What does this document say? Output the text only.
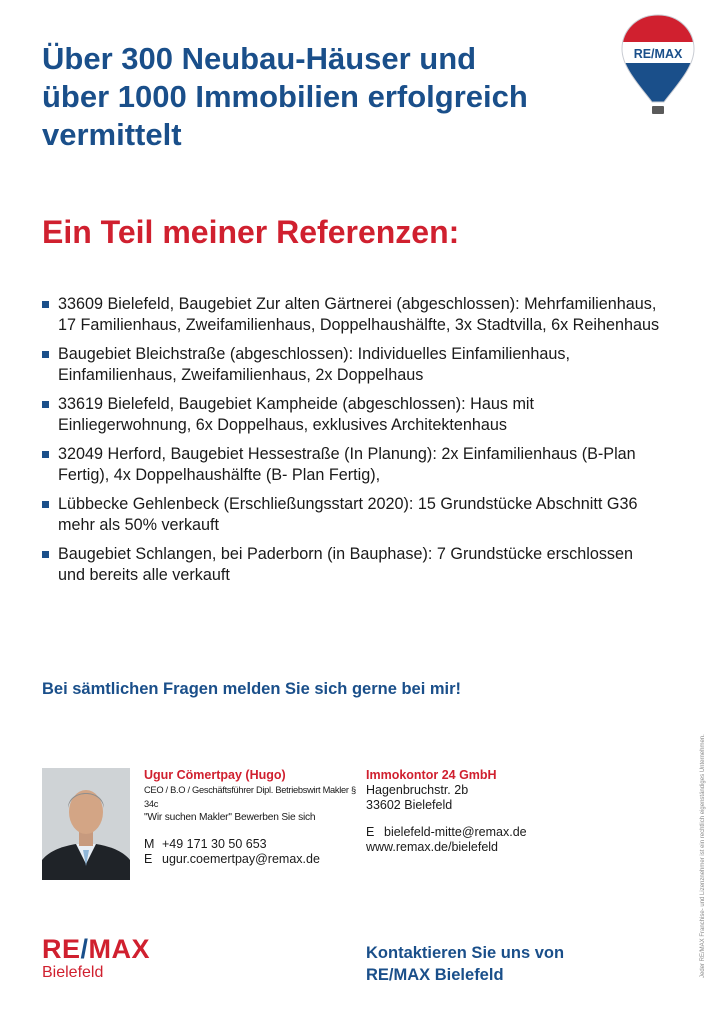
Über 300 Neubau-Häuser und
über 1000 Immobilien erfolgreich
vermittelt
RE/MAX
Ein Teil meiner Referenzen:
33609 Bielefeld, Baugebiet Zur alten Gärtnerei (abgeschlossen): Mehrfamilienhaus, 17 Familienhaus, Zweifamilienhaus, Doppelhaushälfte, 3x Stadtvilla, 6x Reihenhaus
Baugebiet Bleichstraße (abgeschlossen): Individuelles Einfamilienhaus, Einfamilienhaus, Zweifamilienhaus, 2x Doppelhaus
33619 Bielefeld, Baugebiet Kampheide (abgeschlossen): Haus mit Einliegerwohnung, 6x Doppelhaus, exklusives Architektenhaus
32049 Herford, Baugebiet Hessestraße (In Planung): 2x Einfamilienhaus (B-Plan Fertig), 4x Doppelhaushälfte (B- Plan Fertig),
Lübbecke Gehlenbeck (Erschließungsstart 2020): 15 Grundstücke Abschnitt G36 mehr als 50% verkauft
Baugebiet Schlangen, bei Paderborn (in Bauphase): 7 Grundstücke erschlossen und bereits alle verkauft

Bei sämtlichen Fragen melden Sie sich gerne bei mir!

Ugur Cömertpay (Hugo)
CEO / B.O / Geschäftsführer Dipl. Betriebswirt Makler § 34c
"Wir suchen Makler" Bewerben Sie sich
M +49 171 30 50 653
E ugur.coemertpay@remax.de
Immokontor 24 GmbH
Hagenbruchstr. 2b
33602 Bielefeld
E bielefeld-mitte@remax.de
www.remax.de/bielefeld
RE/MAX
Bielefeld
Kontaktieren Sie uns von
RE/MAX Bielefeld	Jeder RE/MAX Franchise- und Lizenznehmer ist ein rechtlich eigenständiges Unternehmen.
